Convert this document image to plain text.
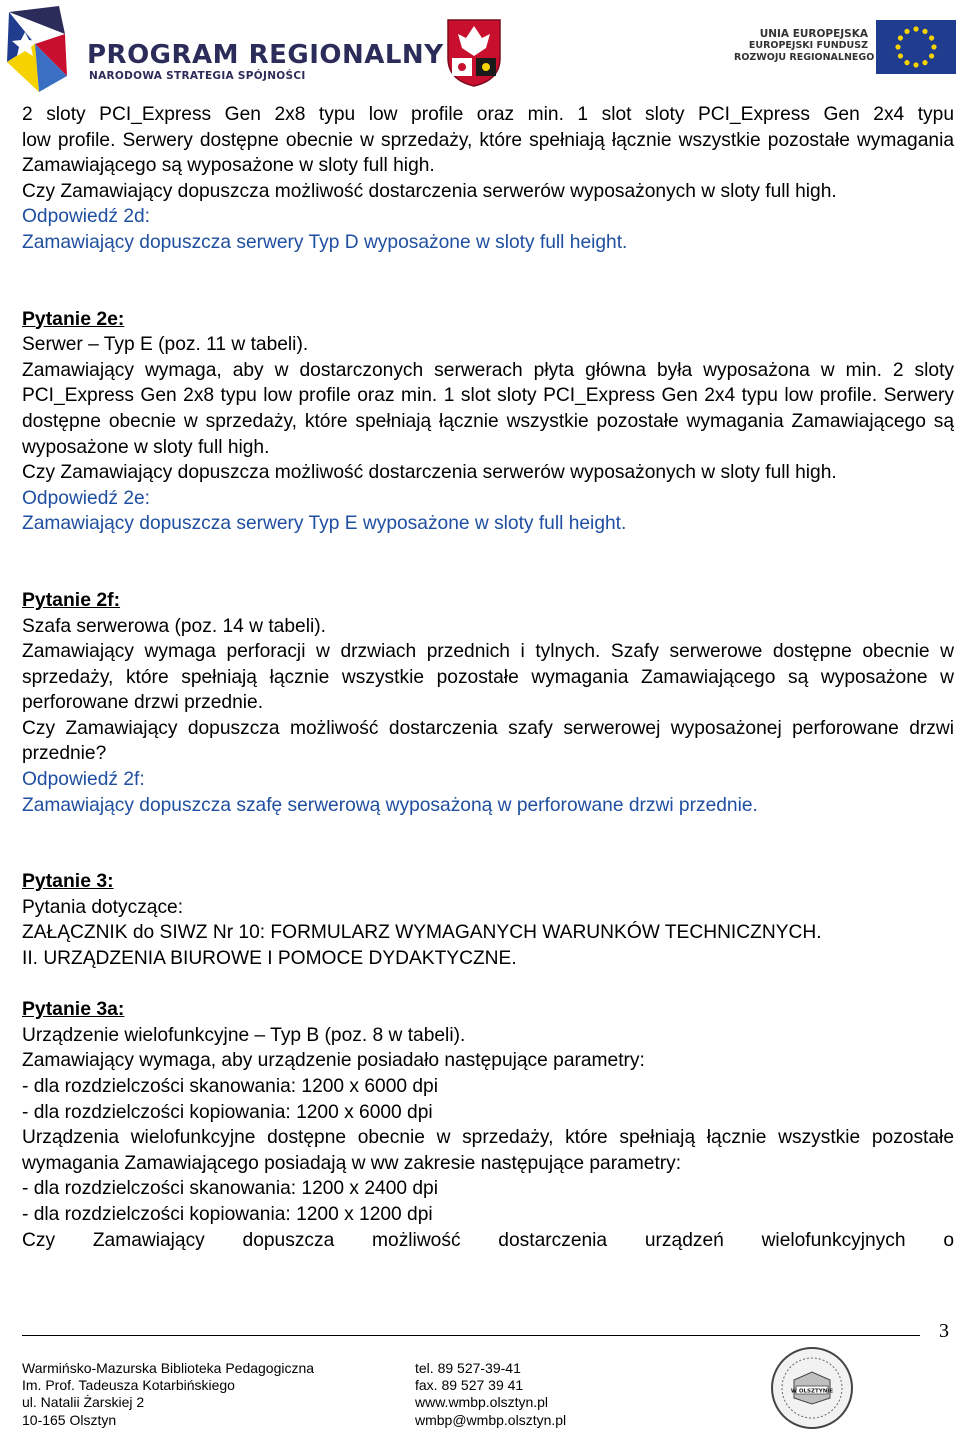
PROGRAM REGIONALNY
NARODOWA STRATEGIA SPÓJNOŚCI
UNIA EUROPEJSKA
EUROPEJSKI FUNDUSZ
ROZWOJU REGIONALNEGO

2 sloty PCI_Express Gen 2x8 typu low profile oraz min. 1 slot sloty PCI_Express Gen 2x4 typu

low profile. Serwery dostępne obecnie w sprzedaży, które spełniają łącznie wszystkie pozostałe wymagania Zamawiającego są wyposażone w sloty full high.

Czy Zamawiający dopuszcza możliwość dostarczenia serwerów wyposażonych w sloty full high.

Odpowiedź 2d:

Zamawiający dopuszcza serwery Typ D wyposażone w sloty full height.

Pytanie 2e:

Serwer – Typ E (poz. 11 w tabeli).

Zamawiający wymaga, aby w dostarczonych serwerach płyta główna była wyposażona w min. 2 sloty PCI_Express Gen 2x8 typu low profile oraz min. 1 slot sloty PCI_Express Gen 2x4 typu low profile. Serwery dostępne obecnie w sprzedaży, które spełniają łącznie wszystkie pozostałe wymagania Zamawiającego są wyposażone w sloty full high.

Czy Zamawiający dopuszcza możliwość dostarczenia serwerów wyposażonych w sloty full high.

Odpowiedź 2e:

Zamawiający dopuszcza serwery Typ E wyposażone w sloty full height.

Pytanie 2f:

Szafa serwerowa (poz. 14 w tabeli).

Zamawiający wymaga perforacji w drzwiach przednich i tylnych. Szafy serwerowe dostępne obecnie w sprzedaży, które spełniają łącznie wszystkie pozostałe wymagania Zamawiającego są wyposażone w perforowane drzwi przednie.

Czy Zamawiający dopuszcza możliwość dostarczenia szafy serwerowej wyposażonej perforowane drzwi przednie?

Odpowiedź 2f:

Zamawiający dopuszcza szafę serwerową wyposażoną w perforowane drzwi przednie.

Pytanie 3:

Pytania dotyczące:

ZAŁĄCZNIK do SIWZ Nr 10: FORMULARZ WYMAGANYCH WARUNKÓW TECHNICZNYCH.

II. URZĄDZENIA BIUROWE I POMOCE DYDAKTYCZNE.

Pytanie 3a:

Urządzenie wielofunkcyjne – Typ B (poz. 8 w tabeli).

Zamawiający wymaga, aby urządzenie posiadało następujące parametry:

- dla rozdzielczości skanowania: 1200 x 6000 dpi

- dla rozdzielczości kopiowania: 1200 x 6000 dpi

Urządzenia wielofunkcyjne dostępne obecnie w sprzedaży, które spełniają łącznie wszystkie pozostałe wymagania Zamawiającego posiadają w ww zakresie następujące parametry:

- dla rozdzielczości skanowania: 1200 x 2400 dpi

- dla rozdzielczości kopiowania: 1200 x 1200 dpi

Czy Zamawiający dopuszcza możliwość dostarczenia urządzeń wielofunkcyjnych o

3
Warmińsko-Mazurska Biblioteka Pedagogiczna
Im. Prof. Tadeusza Kotarbińskiego
ul. Natalii Żarskiej 2
10-165 Olsztyn
tel. 89 527-39-41
fax. 89 527 39 41
www.wmbp.olsztyn.pl
wmbp@wmbp.olsztyn.pl
W OLSZTYNIE
